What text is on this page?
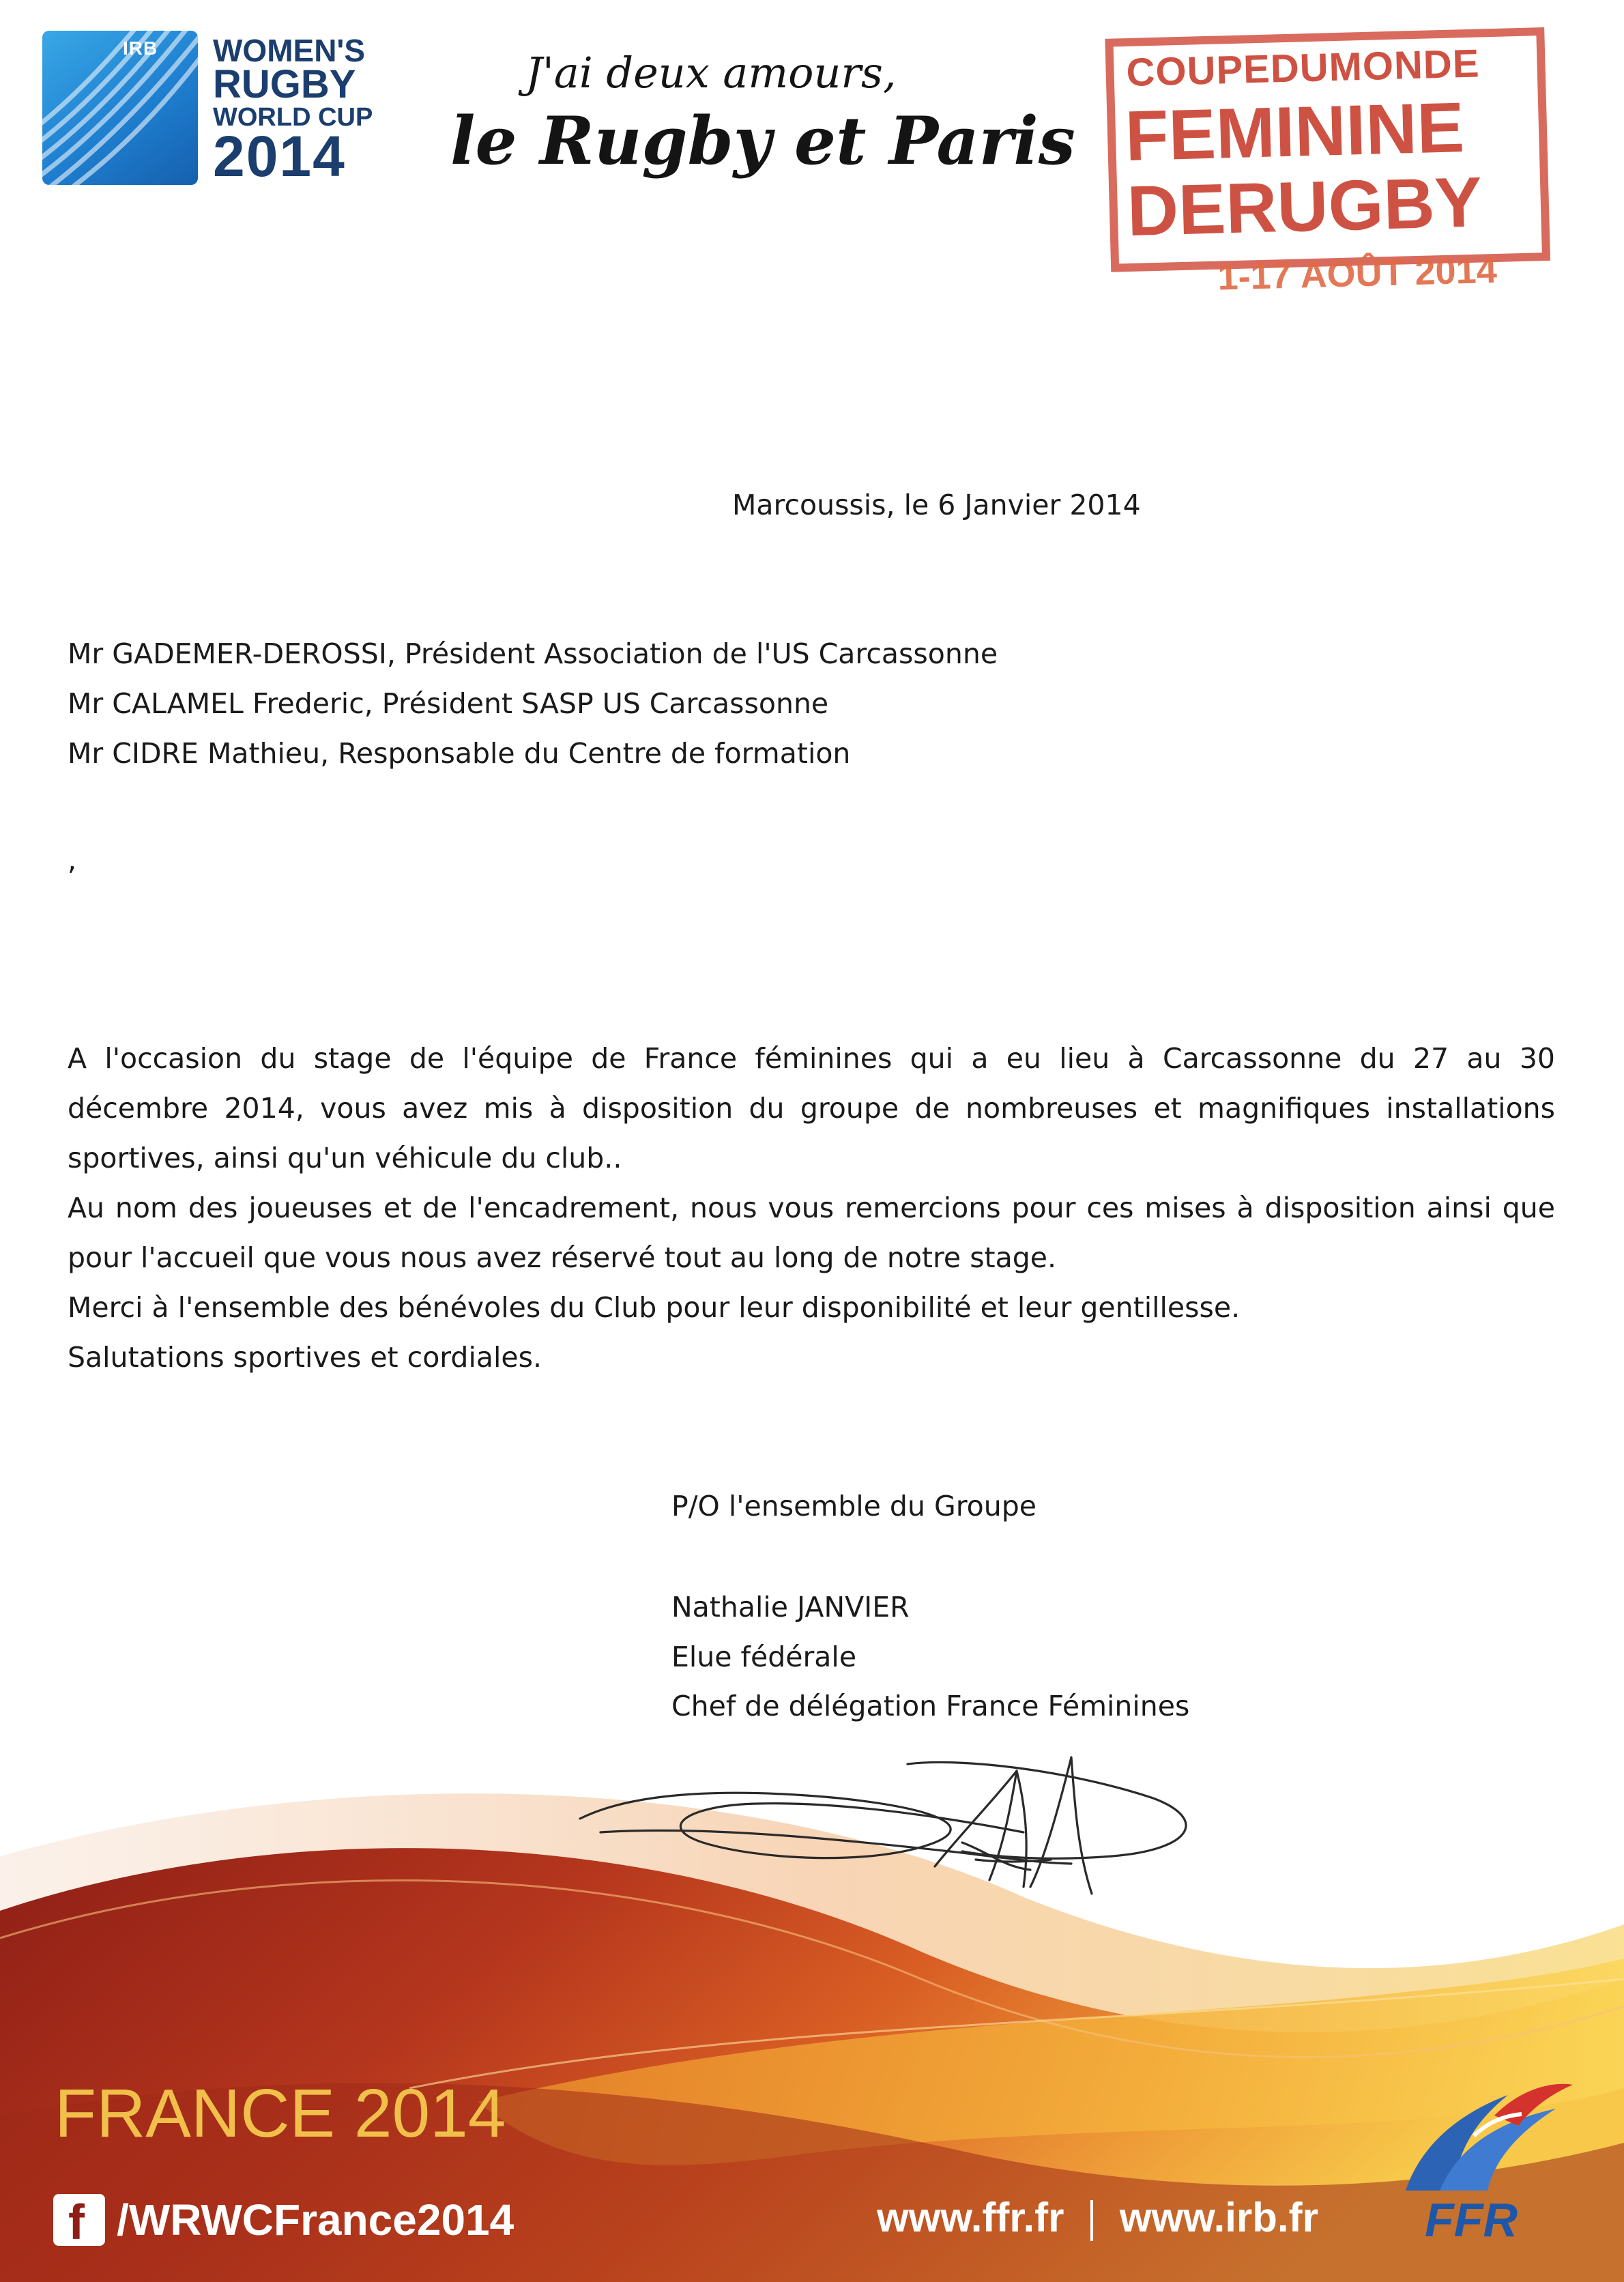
IRB WOMEN'S
RUGBY
WORLD CUP
2014
J'ai deux amours,
le Rugby et Paris
COUPEDUMONDE
FEMININE
DERUGBY
1-17 AOÛT 2014
Marcoussis, le 6 Janvier 2014
Mr GADEMER-DEROSSI, Président Association de l'US Carcassonne
Mr CALAMEL Frederic, Président SASP US Carcassonne
Mr CIDRE Mathieu, Responsable du Centre de formation
,
A l'occasion du stage de l'équipe de France féminines qui a eu lieu à Carcassonne du 27 au 30
décembre 2014, vous avez mis à disposition du groupe de nombreuses et magnifiques installations
sportives, ainsi qu'un véhicule du club..
Au nom des joueuses et de l'encadrement, nous vous remercions pour ces mises à disposition ainsi que
pour l'accueil que vous nous avez réservé tout au long de notre stage.
Merci à l'ensemble des bénévoles du Club pour leur disponibilité et leur gentillesse.
Salutations sportives et cordiales.
P/O l'ensemble du Groupe
Nathalie JANVIER
Elue fédérale
Chef de délégation France Féminines
FRANCE 2014
f /WRWCFrance2014	www.ffr.fr www.irb.fr FFR
